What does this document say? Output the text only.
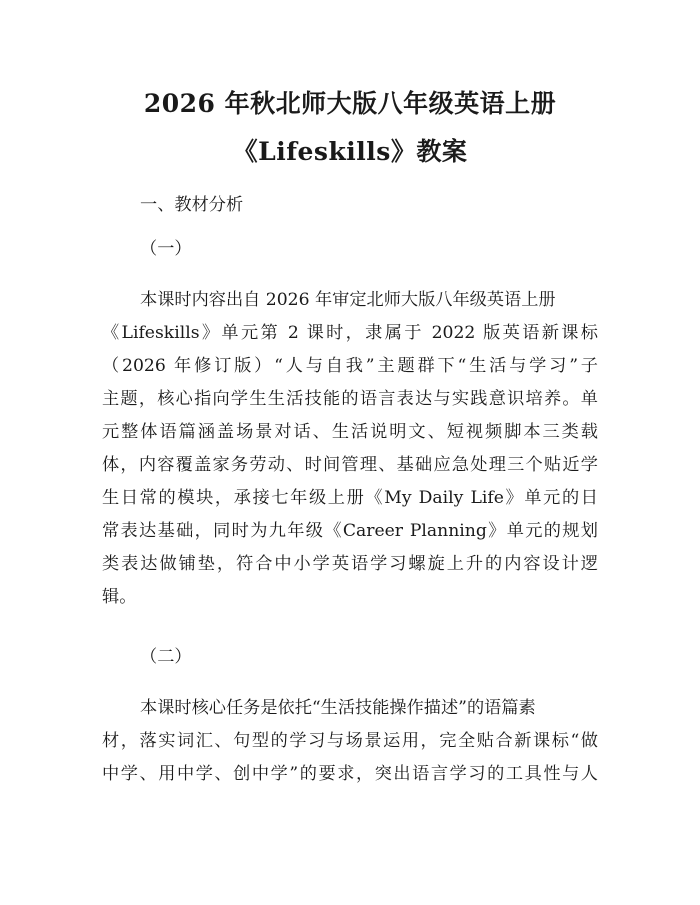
2026 年秋北师大版八年级英语上册
《Lifeskills》教案
一、教材分析
（一）
本课时内容出自 2026 年审定北师大版八年级英语上册
《Lifeskills》单元第 2 课时，隶属于 2022 版英语新课标
（2026 年修订版）“人与自我”主题群下“生活与学习”子
主题，核心指向学生生活技能的语言表达与实践意识培养。单
元整体语篇涵盖场景对话、生活说明文、短视频脚本三类载
体，内容覆盖家务劳动、时间管理、基础应急处理三个贴近学
生日常的模块，承接七年级上册《My Daily Life》单元的日
常表达基础，同时为九年级《Career Planning》单元的规划
类表达做铺垫，符合中小学英语学习螺旋上升的内容设计逻
辑。
（二）
本课时核心任务是依托“生活技能操作描述”的语篇素
材，落实词汇、句型的学习与场景运用，完全贴合新课标“做
中学、用中学、创中学”的要求，突出语言学习的工具性与人
